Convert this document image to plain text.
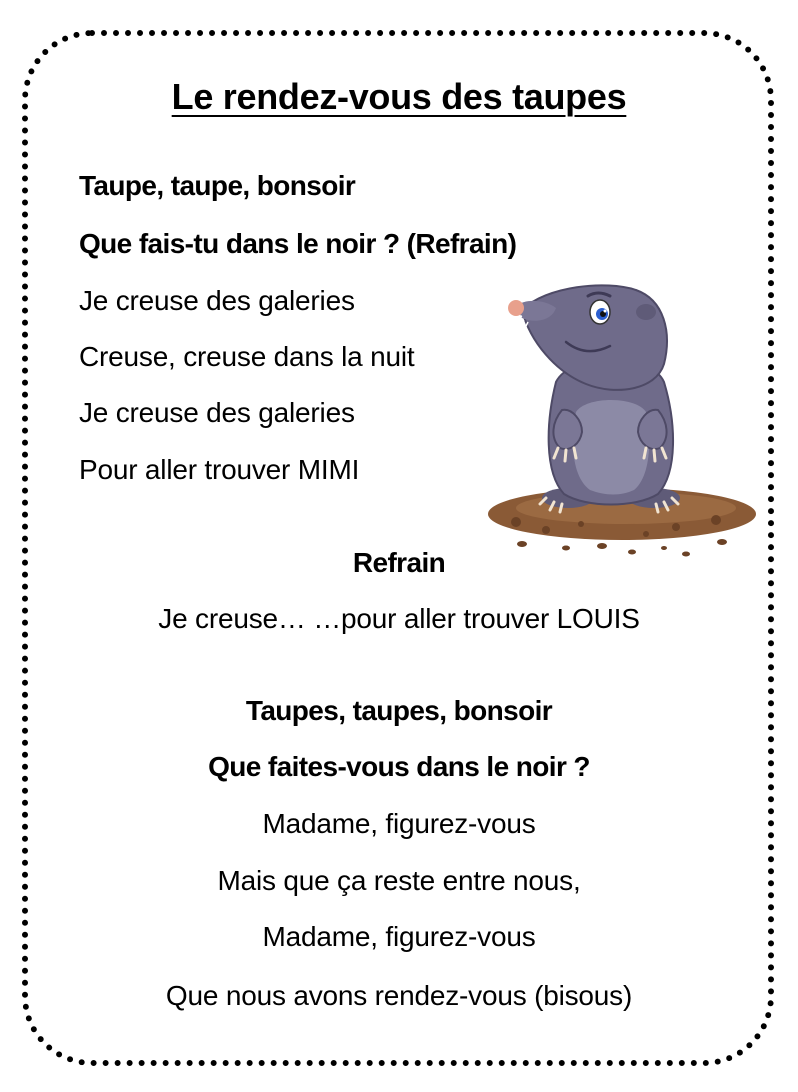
Le rendez-vous des taupes
Taupe, taupe, bonsoir
Que fais-tu dans le noir ? (Refrain)
Je creuse des galeries
Creuse, creuse dans la nuit
Je creuse des galeries
Pour aller trouver MIMI
Refrain
Je creuse… …pour aller trouver LOUIS
Taupes, taupes, bonsoir
Que faites-vous dans le noir ?
Madame, figurez-vous
Mais que ça reste entre nous,
Madame, figurez-vous
Que nous avons rendez-vous (bisous)
